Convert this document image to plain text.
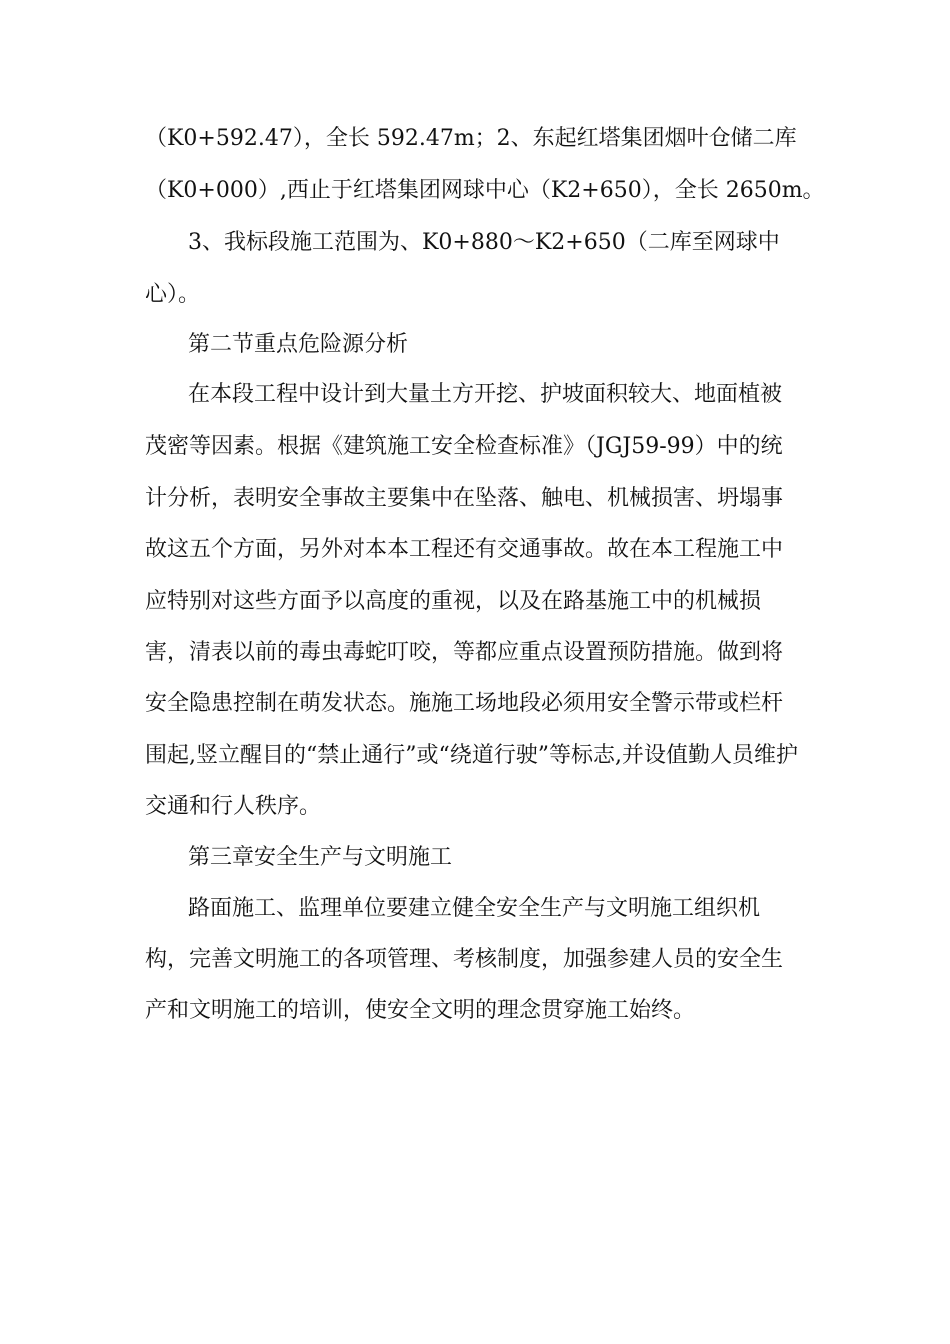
（K0+592.47），全长 592.47m；2、东起红塔集团烟叶仓储二库
（K0+000）,西止于红塔集团网球中心（K2+650），全长 2650m。
3、我标段施工范围为、K0+880～K2+650（二库至网球中
心）。
第二节重点危险源分析
在本段工程中设计到大量土方开挖、护坡面积较大、地面植被
茂密等因素。根据《建筑施工安全检查标准》（JGJ59-99）中的统
计分析，表明安全事故主要集中在坠落、触电、机械损害、坍塌事
故这五个方面，另外对本本工程还有交通事故。故在本工程施工中
应特别对这些方面予以高度的重视，以及在路基施工中的机械损
害，清表以前的毒虫毒蛇叮咬，等都应重点设置预防措施。做到将
安全隐患控制在萌发状态。施施工场地段必须用安全警示带或栏杆
围起,竖立醒目的“禁止通行”或“绕道行驶”等标志,并设值勤人员维护
交通和行人秩序。
第三章安全生产与文明施工
路面施工、监理单位要建立健全安全生产与文明施工组织机
构，完善文明施工的各项管理、考核制度，加强参建人员的安全生
产和文明施工的培训，使安全文明的理念贯穿施工始终。
